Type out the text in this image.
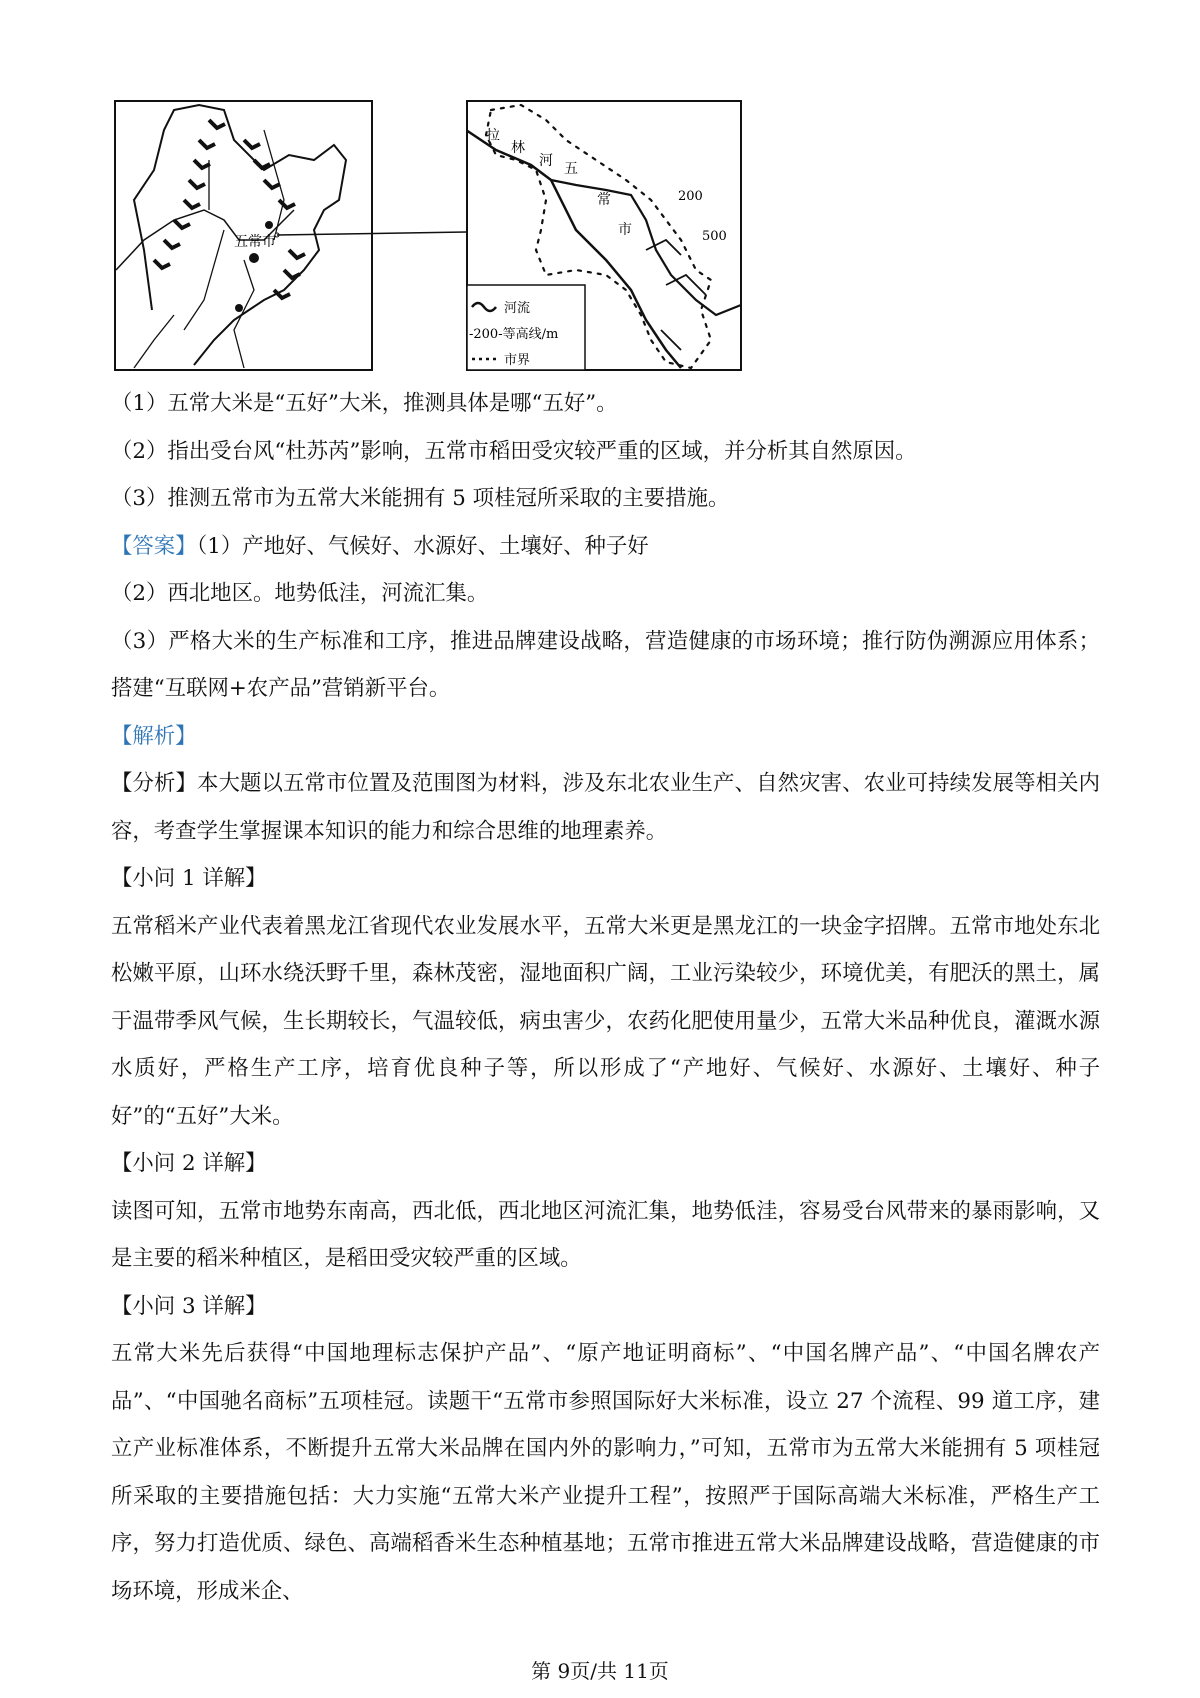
五常市
拉
林
河 五
常
市
200
500
河流
-200-等高线/m
市界

（1）五常大米是“五好”大米，推测具体是哪“五好”。

（2）指出受台风“杜苏芮”影响，五常市稻田受灾较严重的区域，并分析其自然原因。

（3）推测五常市为五常大米能拥有 5 项桂冠所采取的主要措施。

【答案】（1）产地好、气候好、水源好、土壤好、种子好

（2）西北地区。地势低洼，河流汇集。

（3）严格大米的生产标准和工序，推进品牌建设战略，营造健康的市场环境；推行防伪溯源应用体系；搭建“互联网+农产品”营销新平台。

【解析】

【分析】本大题以五常市位置及范围图为材料，涉及东北农业生产、自然灾害、农业可持续发展等相关内容，考查学生掌握课本知识的能力和综合思维的地理素养。

【小问 1 详解】

五常稻米产业代表着黑龙江省现代农业发展水平，五常大米更是黑龙江的一块金字招牌。五常市地处东北松嫩平原，山环水绕沃野千里，森林茂密，湿地面积广阔，工业污染较少，环境优美，有肥沃的黑土，属于温带季风气候，生长期较长，气温较低，病虫害少，农药化肥使用量少，五常大米品种优良，灌溉水源水质好，严格生产工序，培育优良种子等，所以形成了“产地好、气候好、水源好、土壤好、种子好”的“五好”大米。

【小问 2 详解】

读图可知，五常市地势东南高，西北低，西北地区河流汇集，地势低洼，容易受台风带来的暴雨影响，又是主要的稻米种植区，是稻田受灾较严重的区域。

【小问 3 详解】

五常大米先后获得“中国地理标志保护产品”、“原产地证明商标”、“中国名牌产品”、“中国名牌农产品”、“中国驰名商标”五项桂冠。读题干“五常市参照国际好大米标准，设立 27 个流程、99 道工序，建立产业标准体系，不断提升五常大米品牌在国内外的影响力，”可知，五常市为五常大米能拥有 5 项桂冠所采取的主要措施包括：大力实施“五常大米产业提升工程”，按照严于国际高端大米标准，严格生产工序，努力打造优质、绿色、高端稻香米生态种植基地；五常市推进五常大米品牌建设战略，营造健康的市场环境，形成米企、

第 9页/共 11页
